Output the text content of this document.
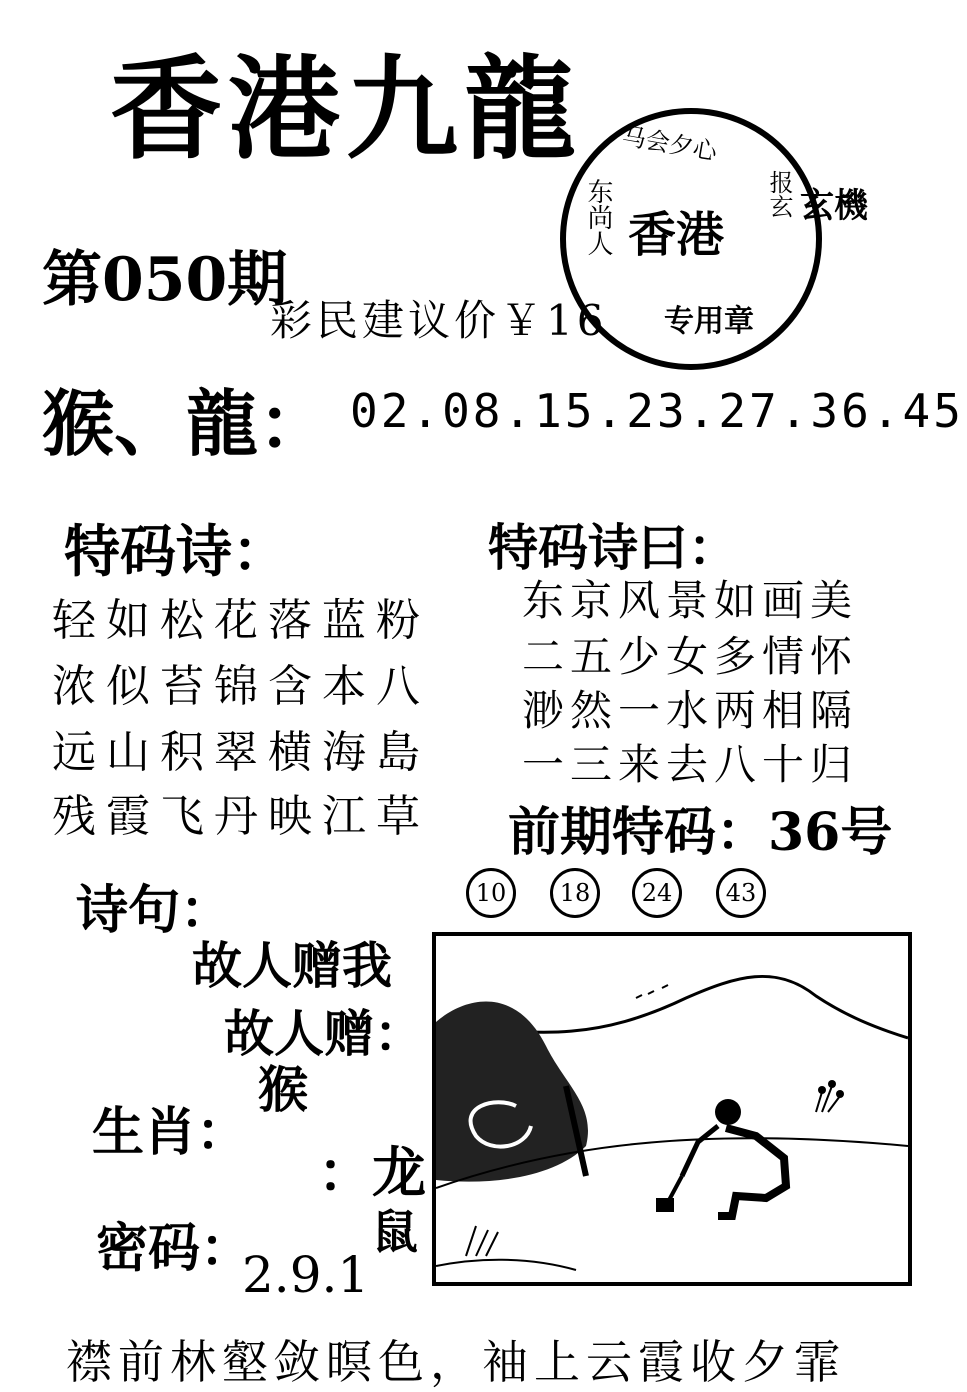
香港九龍 马会夕心
东尚人	报玄
香港
专用章
玄機
第050期
彩民建议价￥16
猴、龍： 02.08.15.23.27.36.45
特码诗：
轻如松花落蓝粉
浓似苔锦含本八
远山积翠横海島
残霞飞丹映江草
特码诗曰：
东京风景如画美
二五少女多情怀
渺然一水两相隔
一三来去八十归
前期特码：36号
10	18	24	43
诗句：
故人赠我
故人赠：
生肖：
猴
：龙
鼠
密码：
2.9.1
襟前林壑敛暝色，袖上云霞收夕霏
